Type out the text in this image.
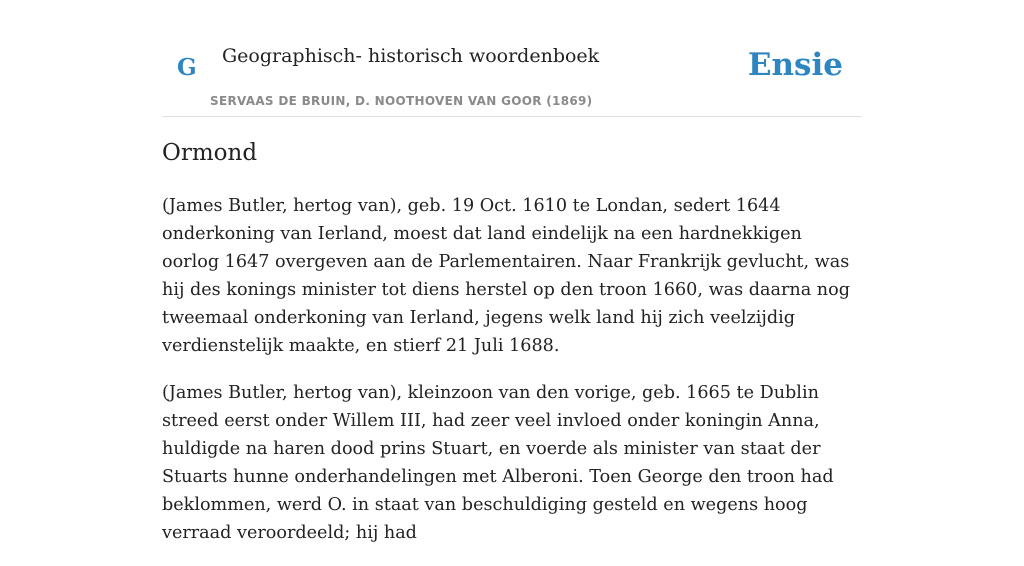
G Geographisch- historisch woordenboek
SERVAAS DE BRUIN, D. NOOTHOVEN VAN GOOR (1869)
Ensie
Ormond

(James Butler, hertog van), geb. 19 Oct. 1610 te Londan, sedert 1644 onderkoning van Ierland, moest dat land eindelijk na een hardnekkigen oorlog 1647 overgeven aan de Parlementairen. Naar Frankrijk gevlucht, was hij des konings minister tot diens herstel op den troon 1660, was daarna nog tweemaal onderkoning van Ierland, jegens welk land hij zich veelzijdig verdienstelijk maakte, en stierf 21 Juli 1688.

(James Butler, hertog van), kleinzoon van den vorige, geb. 1665 te Dublin streed eerst onder Willem III, had zeer veel invloed onder koningin Anna, huldigde na haren dood prins Stuart, en voerde als minister van staat der Stuarts hunne onderhandelingen met Alberoni. Toen George den troon had beklommen, werd O. in staat van beschuldiging gesteld en wegens hoog verraad veroordeeld; hij had
